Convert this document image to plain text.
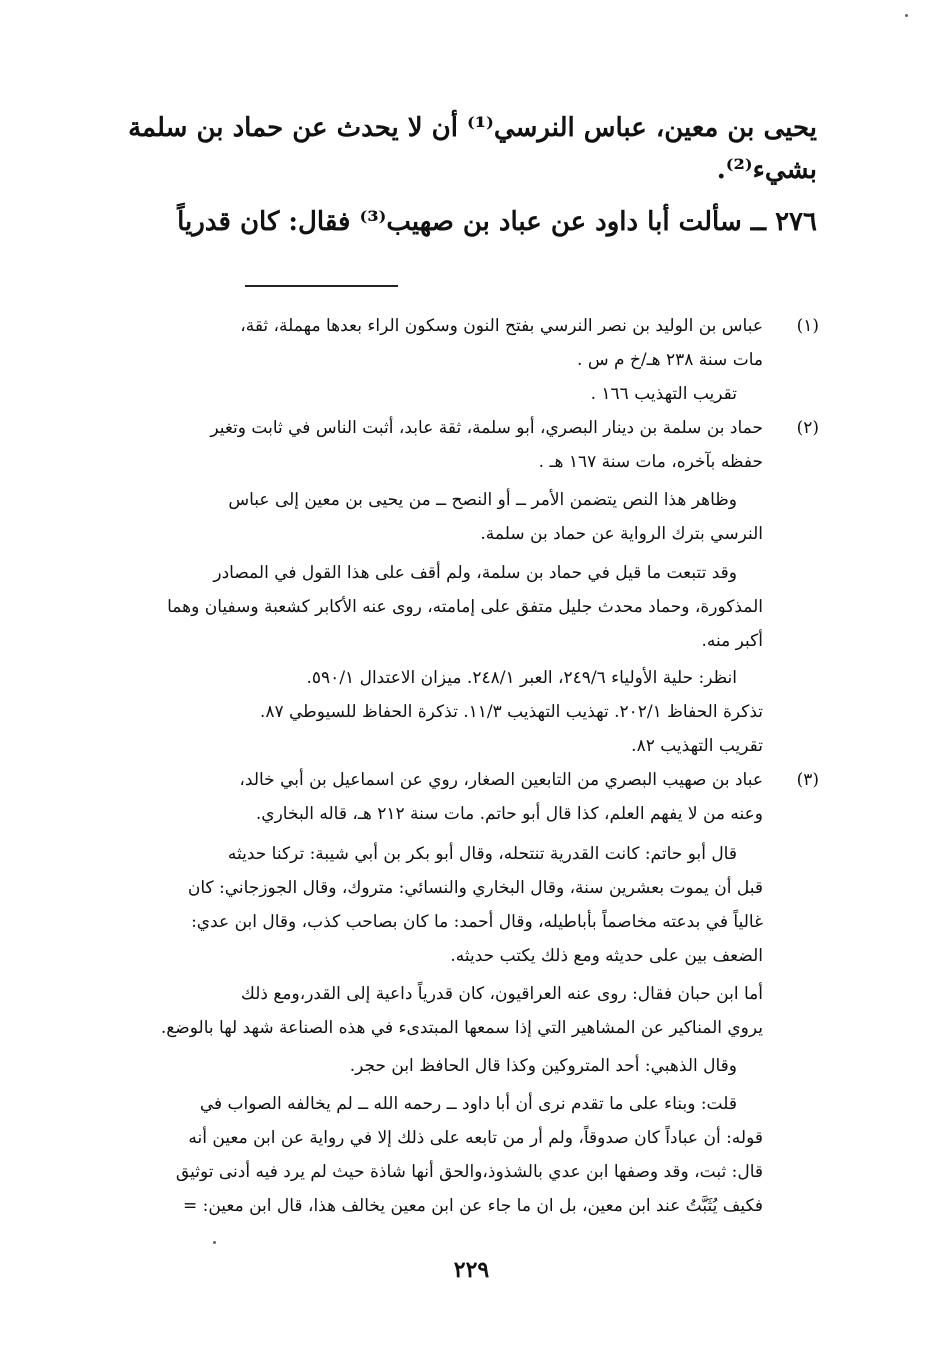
يحيى بن معين، عباس النرسي⁽¹⁾ أن لا يحدث عن حماد بن سلمة
بشيء⁽²⁾.
٢٧٦ ــ سألت أبا داود عن عباد بن صهيب⁽³⁾ فقال: كان قدرياً
(١)
عباس بن الوليد بن نصر النرسي بفتح النون وسكون الراء بعدها مهملة، ثقة،
مات سنة ٢٣٨ هـ/خ م س .
تقريب التهذيب ١٦٦ .
(٢)
حماد بن سلمة بن دينار البصري، أبو سلمة، ثقة عابد، أثبت الناس في ثابت وتغير
حفظه بآخره، مات سنة ١٦٧ هـ .
وظاهر هذا النص يتضمن الأمر ــ أو النصح ــ من يحيى بن معين إلى عباس
النرسي بترك الرواية عن حماد بن سلمة.
وقد تتبعت ما قيل في حماد بن سلمة، ولم أقف على هذا القول في المصادر
المذكورة، وحماد محدث جليل متفق على إمامته، روى عنه الأكابر كشعبة وسفيان وهما
أكبر منه.
انظر: حلية الأولياء ٢٤٩/٦، العبر ٢٤٨/١. ميزان الاعتدال ٥٩٠/١.
تذكرة الحفاظ ٢٠٢/١. تهذيب التهذيب ١١/٣. تذكرة الحفاظ للسيوطي ٨٧.
تقريب التهذيب ٨٢.
(٣)
عباد بن صهيب البصري من التابعين الصغار، روي عن اسماعيل بن أبي خالد،
وعنه من لا يفهم العلم، كذا قال أبو حاتم. مات سنة ٢١٢ هـ، قاله البخاري.
قال أبو حاتم: كانت القدرية تنتحله، وقال أبو بكر بن أبي شيبة: تركنا حديثه
قبل أن يموت بعشرين سنة، وقال البخاري والنسائي: متروك، وقال الجوزجاني: كان
غالياً في بدعته مخاصماً بأباطيله، وقال أحمد: ما كان بصاحب كذب، وقال ابن عدي:
الضعف بين على حديثه ومع ذلك يكتب حديثه.
أما ابن حبان فقال: روى عنه العراقيون، كان قدرياً داعية إلى القدر،ومع ذلك
يروي المناكير عن المشاهير التي إذا سمعها المبتدىء في هذه الصناعة شهد لها بالوضع.
وقال الذهبي: أحد المتروكين وكذا قال الحافظ ابن حجر.
قلت: وبناء على ما تقدم نرى أن أبا داود ــ رحمه الله ــ لم يخالفه الصواب في
قوله: أن عباداً كان صدوقاً، ولم أر من تابعه على ذلك إلا في رواية عن ابن معين أنه
قال: ثبت، وقد وصفها ابن عدي بالشذوذ،والحق أنها شاذة حيث لم يرد فيه أدنى توثيق
فكيف يُثَبَّتُ عند ابن معين، بل ان ما جاء عن ابن معين يخالف هذا، قال ابن معين: =
٢٢٩
